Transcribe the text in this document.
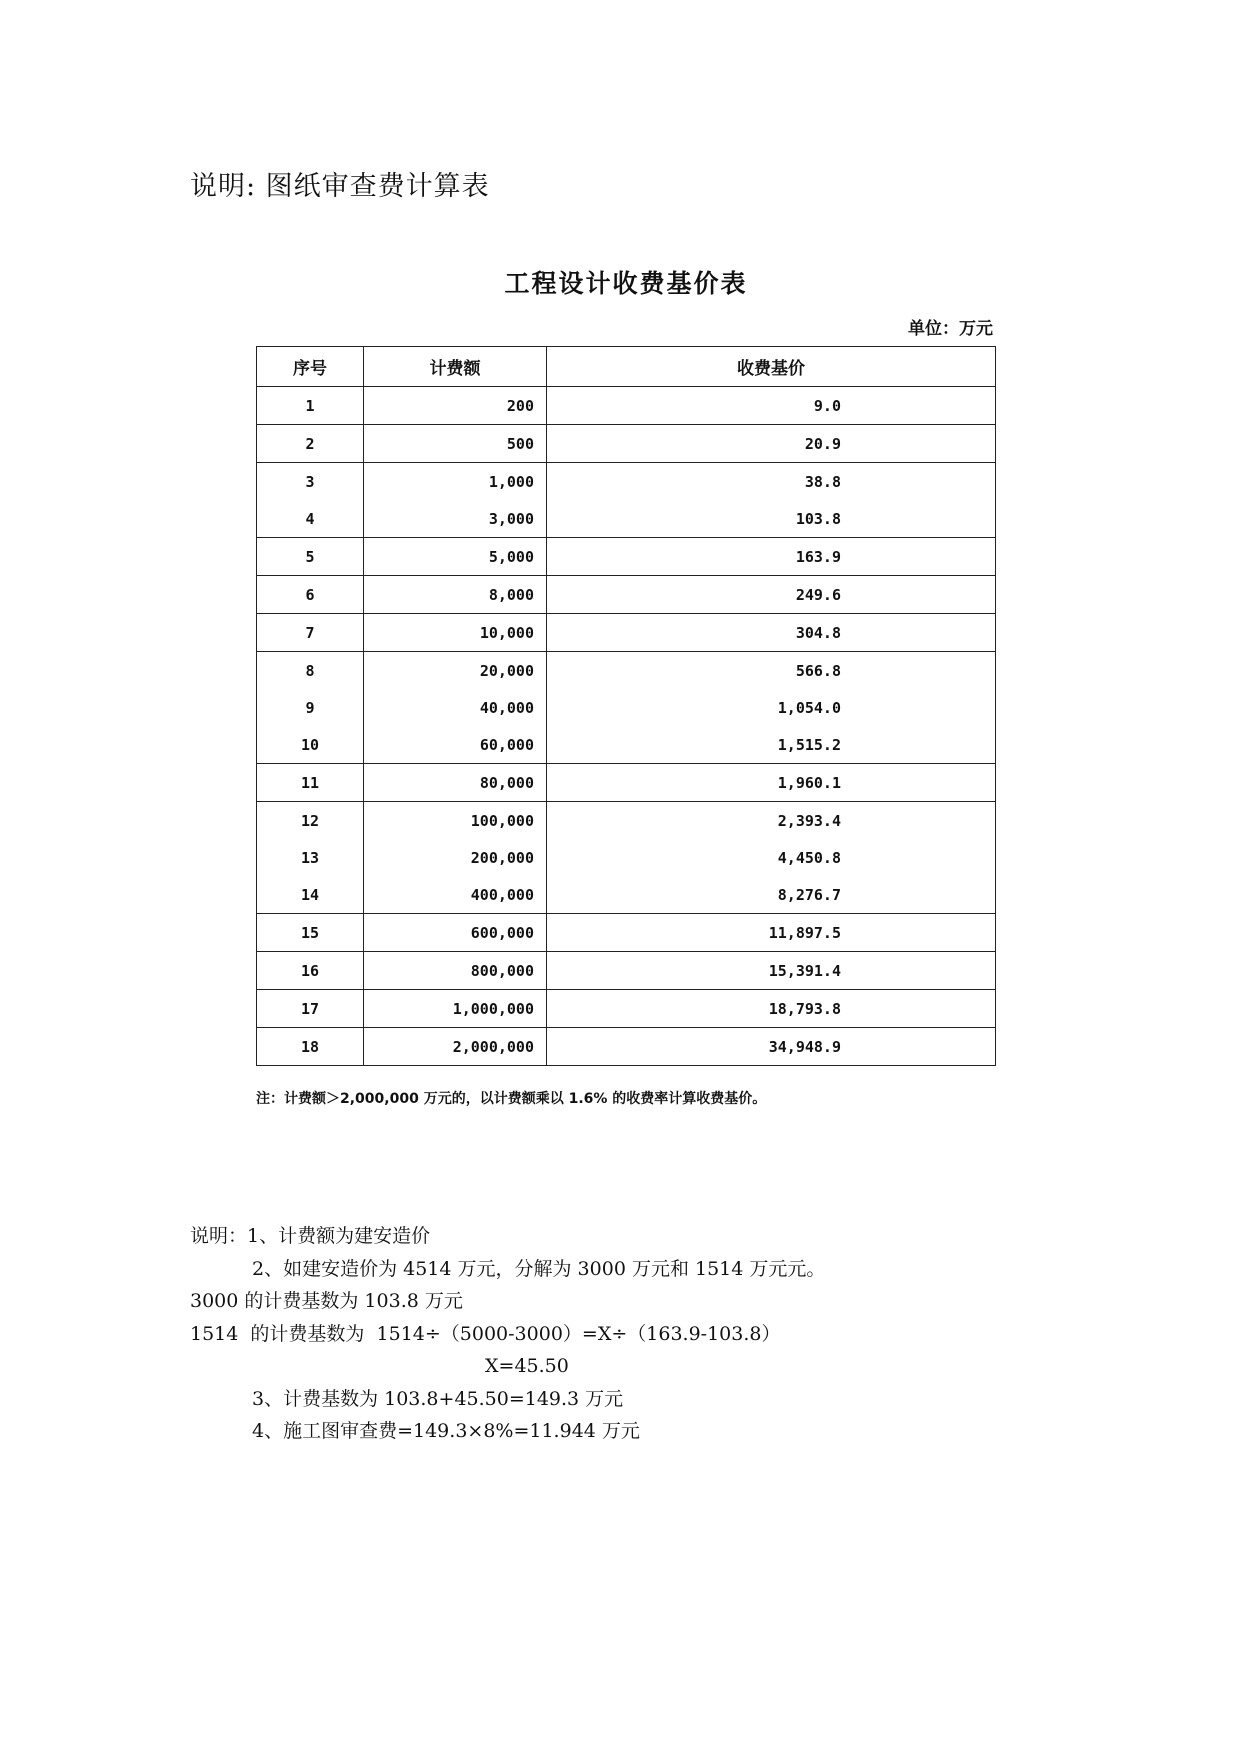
说明: 图纸审查费计算表
工程设计收费基价表
单位：万元
序号	计费额	收费基价
1	200	9.0
2	500	20.9
3	1,000	38.8
4	3,000	103.8
5	5,000	163.9
6	8,000	249.6
7	10,000	304.8
8	20,000	566.8
9	40,000	1,054.0
10	60,000	1,515.2
11	80,000	1,960.1
12	100,000	2,393.4
13	200,000	4,450.8
14	400,000	8,276.7
15	600,000	11,897.5
16	800,000	15,391.4
17	1,000,000	18,793.8
18	2,000,000	34,948.9
注：计费额＞2,000,000 万元的，以计费额乘以 1.6% 的收费率计算收费基价。
说明：1、计费额为建安造价
2、如建安造价为 4514 万元，分解为 3000 万元和 1514 万元元。
3000 的计费基数为 103.8 万元
1514  的计费基数为  1514÷（5000-3000）=X÷（163.9-103.8）
X=45.50
3、计费基数为 103.8+45.50=149.3 万元
4、施工图审查费=149.3×8%=11.944 万元
